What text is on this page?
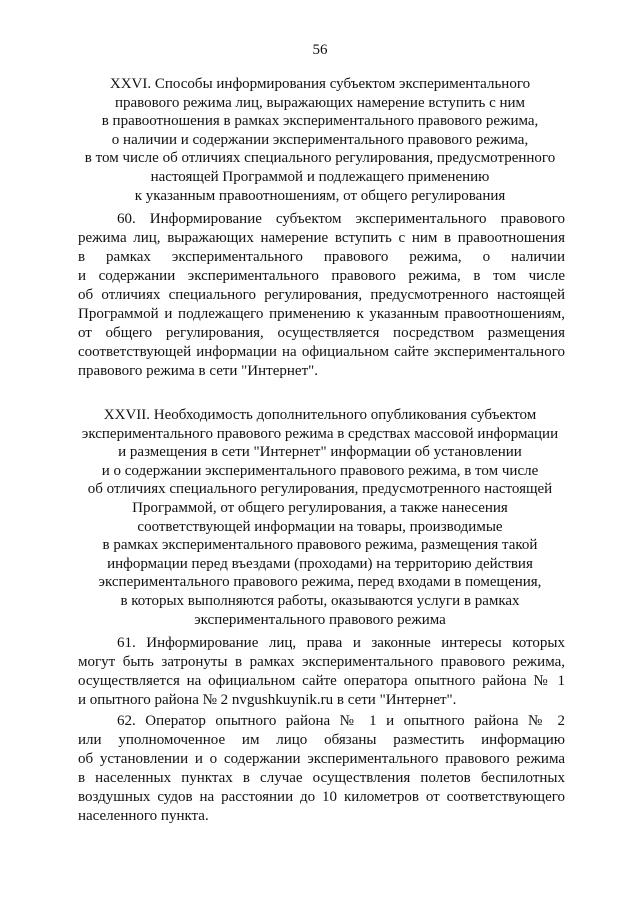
56
XXVI. Способы информирования субъектом экспериментального
правового режима лиц, выражающих намерение вступить с ним
в правоотношения в рамках экспериментального правового режима,
о наличии и содержании экспериментального правового режима,
в том числе об отличиях специального регулирования, предусмотренного
настоящей Программой и подлежащего применению
к указанным правоотношениям, от общего регулирования
60. Информирование субъектом экспериментального правового
режима лиц, выражающих намерение вступить с ним в правоотношения
в рамках экспериментального правового режима, о наличии
и содержании экспериментального правового режима, в том числе
об отличиях специального регулирования, предусмотренного настоящей
Программой и подлежащего применению к указанным правоотношениям,
от общего регулирования, осуществляется посредством размещения
соответствующей информации на официальном сайте экспериментального
правового режима в сети "Интернет".
XXVII. Необходимость дополнительного опубликования субъектом
экспериментального правового режима в средствах массовой информации
и размещения в сети "Интернет" информации об установлении
и о содержании экспериментального правового режима, в том числе
об отличиях специального регулирования, предусмотренного настоящей
Программой, от общего регулирования, а также нанесения
соответствующей информации на товары, производимые
в рамках экспериментального правового режима, размещения такой
информации перед въездами (проходами) на территорию действия
экспериментального правового режима, перед входами в помещения,
в которых выполняются работы, оказываются услуги в рамках
экспериментального правового режима
61. Информирование лиц, права и законные интересы которых
могут быть затронуты в рамках экспериментального правового режима,
осуществляется на официальном сайте оператора опытного района № 1
и опытного района № 2 nvgushkuynik.ru в сети "Интернет".
62. Оператор опытного района № 1 и опытного района № 2
или уполномоченное им лицо обязаны разместить информацию
об установлении и о содержании экспериментального правового режима
в населенных пунктах в случае осуществления полетов беспилотных
воздушных судов на расстоянии до 10 километров от соответствующего
населенного пункта.
